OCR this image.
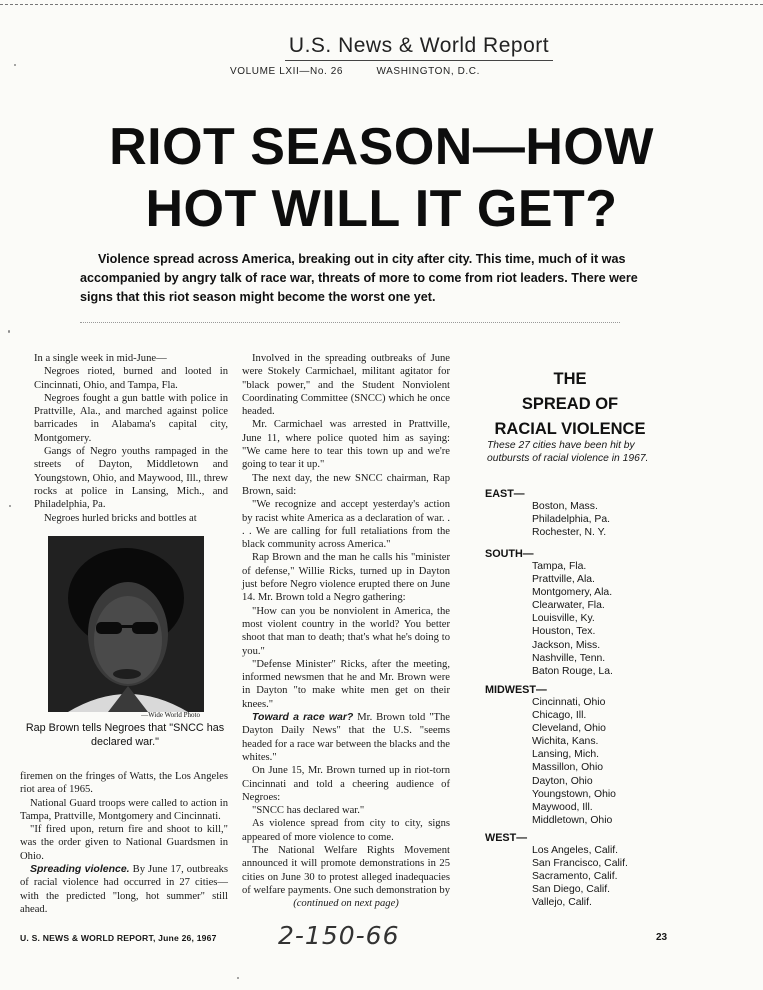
U.S. News & World Report
VOLUME LXII—No. 26	WASHINGTON, D.C.
RIOT SEASON—HOW
HOT WILL IT GET?
Violence spread across America, breaking out in city after city. This time, much of it was accompanied by angry talk of race war, threats of more to come from riot leaders. There were signs that this riot season might become the worst one yet.

In a single week in mid-June—

Negroes rioted, burned and looted in Cincinnati, Ohio, and Tampa, Fla.

Negroes fought a gun battle with police in Prattville, Ala., and marched against police barricades in Alabama's capital city, Montgomery.

Gangs of Negro youths rampaged in the streets of Dayton, Middletown and Youngstown, Ohio, and Maywood, Ill., threw rocks at police in Lansing, Mich., and Philadelphia, Pa.

Negroes hurled bricks and bottles at

—Wide World Photo
Rap Brown tells Negroes that "SNCC has declared war."

firemen on the fringes of Watts, the Los Angeles riot area of 1965.

National Guard troops were called to action in Tampa, Prattville, Montgomery and Cincinnati.

"If fired upon, return fire and shoot to kill," was the order given to National Guardsmen in Ohio.

Spreading violence. By June 17, outbreaks of racial violence had occurred in 27 cities—with the predicted "long, hot summer" still ahead.

Involved in the spreading outbreaks of June were Stokely Carmichael, militant agitator for "black power," and the Student Nonviolent Coordinating Committee (SNCC) which he once headed.

Mr. Carmichael was arrested in Prattville, June 11, where police quoted him as saying: "We came here to tear this town up and we're going to tear it up."

The next day, the new SNCC chairman, Rap Brown, said:

"We recognize and accept yesterday's action by racist white America as a declaration of war. . . . We are calling for full retaliations from the black community across America."

Rap Brown and the man he calls his "minister of defense," Willie Ricks, turned up in Dayton just before Negro violence erupted there on June 14. Mr. Brown told a Negro gathering:

"How can you be nonviolent in America, the most violent country in the world? You better shoot that man to death; that's what he's doing to you."

"Defense Minister" Ricks, after the meeting, informed newsmen that he and Mr. Brown were in Dayton "to make white men get on their knees."

Toward a race war? Mr. Brown told "The Dayton Daily News" that the U.S. "seems headed for a race war between the blacks and the whites."

On June 15, Mr. Brown turned up in riot-torn Cincinnati and told a cheering audience of Negroes:

"SNCC has declared war."

As violence spread from city to city, signs appeared of more violence to come.

The National Welfare Rights Movement announced it will promote demonstrations in 25 cities on June 30 to protest alleged inadequacies of welfare payments. One such demonstration by

(continued on next page)

THE
SPREAD OF
RACIAL VIOLENCE
These 27 cities have been hit by outbursts of racial violence in 1967.
EAST—
Boston, Mass.
Philadelphia, Pa.
Rochester, N. Y.
SOUTH—
Tampa, Fla.
Prattville, Ala.
Montgomery, Ala.
Clearwater, Fla.
Louisville, Ky.
Houston, Tex.
Jackson, Miss.
Nashville, Tenn.
Baton Rouge, La.
MIDWEST—
Cincinnati, Ohio
Chicago, Ill.
Cleveland, Ohio
Wichita, Kans.
Lansing, Mich.
Massillon, Ohio
Dayton, Ohio
Youngstown, Ohio
Maywood, Ill.
Middletown, Ohio
WEST—
Los Angeles, Calif.
San Francisco, Calif.
Sacramento, Calif.
San Diego, Calif.
Vallejo, Calif.
U. S. NEWS & WORLD REPORT, June 26, 1967 2-150-66	23
